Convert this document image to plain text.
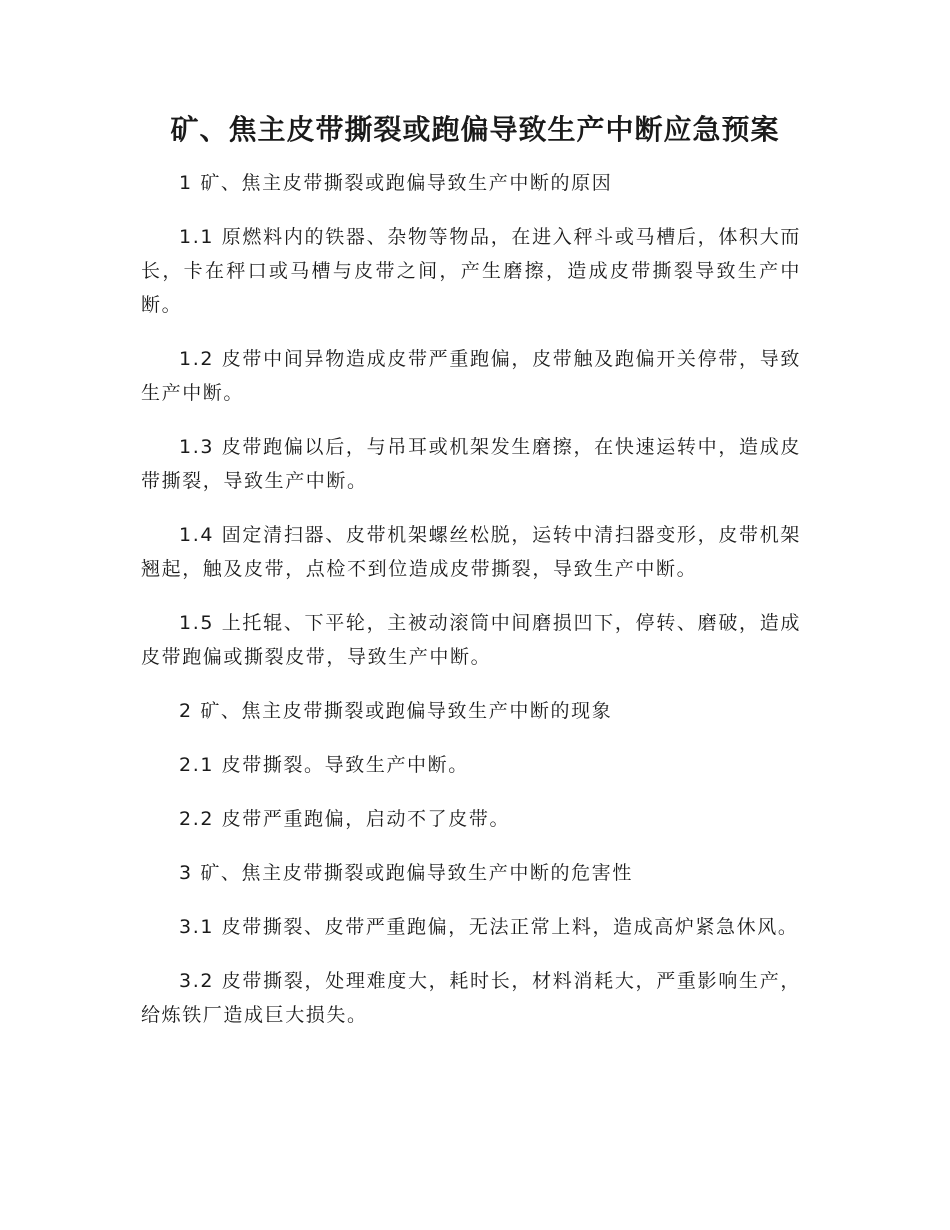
矿、焦主皮带撕裂或跑偏导致生产中断应急预案

1 矿、焦主皮带撕裂或跑偏导致生产中断的原因

1.1 原燃料内的铁器、杂物等物品，在进入秤斗或马槽后，体积大而长，卡在秤口或马槽与皮带之间，产生磨擦，造成皮带撕裂导致生产中断。

1.2 皮带中间异物造成皮带严重跑偏，皮带触及跑偏开关停带，导致生产中断。

1.3 皮带跑偏以后，与吊耳或机架发生磨擦，在快速运转中，造成皮带撕裂，导致生产中断。

1.4 固定清扫器、皮带机架螺丝松脱，运转中清扫器变形，皮带机架翘起，触及皮带，点检不到位造成皮带撕裂，导致生产中断。

1.5 上托辊、下平轮，主被动滚筒中间磨损凹下，停转、磨破，造成皮带跑偏或撕裂皮带，导致生产中断。

2 矿、焦主皮带撕裂或跑偏导致生产中断的现象

2.1 皮带撕裂。导致生产中断。

2.2 皮带严重跑偏，启动不了皮带。

3 矿、焦主皮带撕裂或跑偏导致生产中断的危害性

3.1 皮带撕裂、皮带严重跑偏，无法正常上料，造成高炉紧急休风。

3.2 皮带撕裂，处理难度大，耗时长，材料消耗大，严重影响生产，给炼铁厂造成巨大损失。
